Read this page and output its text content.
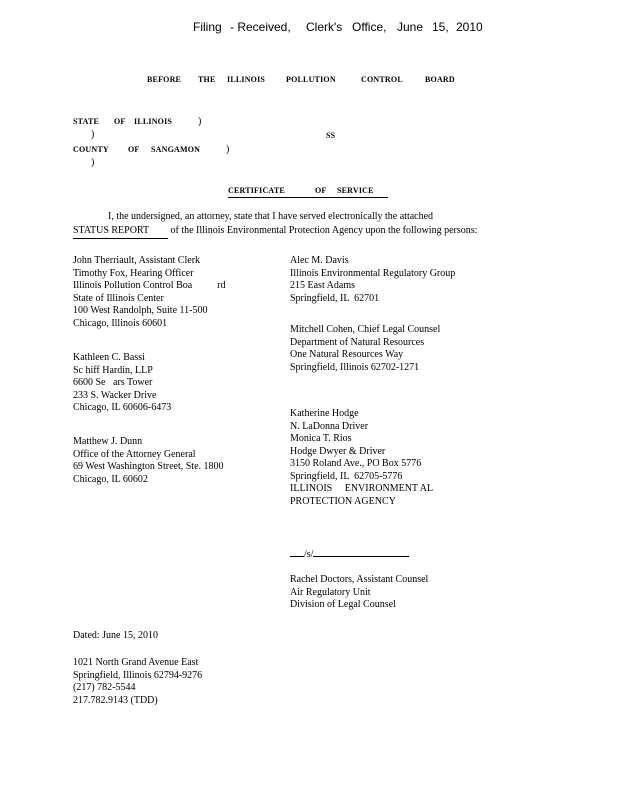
Filing - Received, Clerk's Office, June 15, 2010
BEFORE THE ILLINOIS	POLLUTION	CONTROL	BOARD
STATE OF ILLINOIS	)
)	SS
COUNTY OF SANGAMON	)
)
CERTIFICATE	OF SERVICE
I, the undersigned, an attorney, state that I have served electronically the attached
STATUS REPORT of the Illinois Environmental Protection Agency upon the following persons:
John Therriault, Assistant Clerk
Timothy Fox, Hearing Officer
Illinois Pollution Control Boa          rd
State of Illinois Center
100 West Randolph, Suite 11-500
Chicago, Illinois 60601
Kathleen C. Bassi
Sc hiff Hardin, LLP
6600 Se   ars Tower
233 S. Wacker Drive
Chicago, IL 60606-6473
Matthew J. Dunn
Office of the Attorney General
69 West Washington Street, Ste. 1800
Chicago, IL 60602
Alec M. Davis
Illinois Environmental Regulatory Group
215 East Adams
Springfield, IL  62701
Mitchell Cohen, Chief Legal Counsel
Department of Natural Resources
One Natural Resources Way
Springfield, Illinois 62702-1271
Katherine Hodge
N. LaDonna Driver
Monica T. Rios
Hodge Dwyer & Driver
3150 Roland Ave., PO Box 5776
Springfield, IL  62705-5776
ILLINOIS     ENVIRONMENT AL
PROTECTION AGENCY
/s/
Rachel Doctors, Assistant Counsel
Air Regulatory Unit
Division of Legal Counsel
Dated: June 15, 2010
1021 North Grand Avenue East
Springfield, Illinois 62794-9276
(217) 782-5544
217.782.9143 (TDD)
